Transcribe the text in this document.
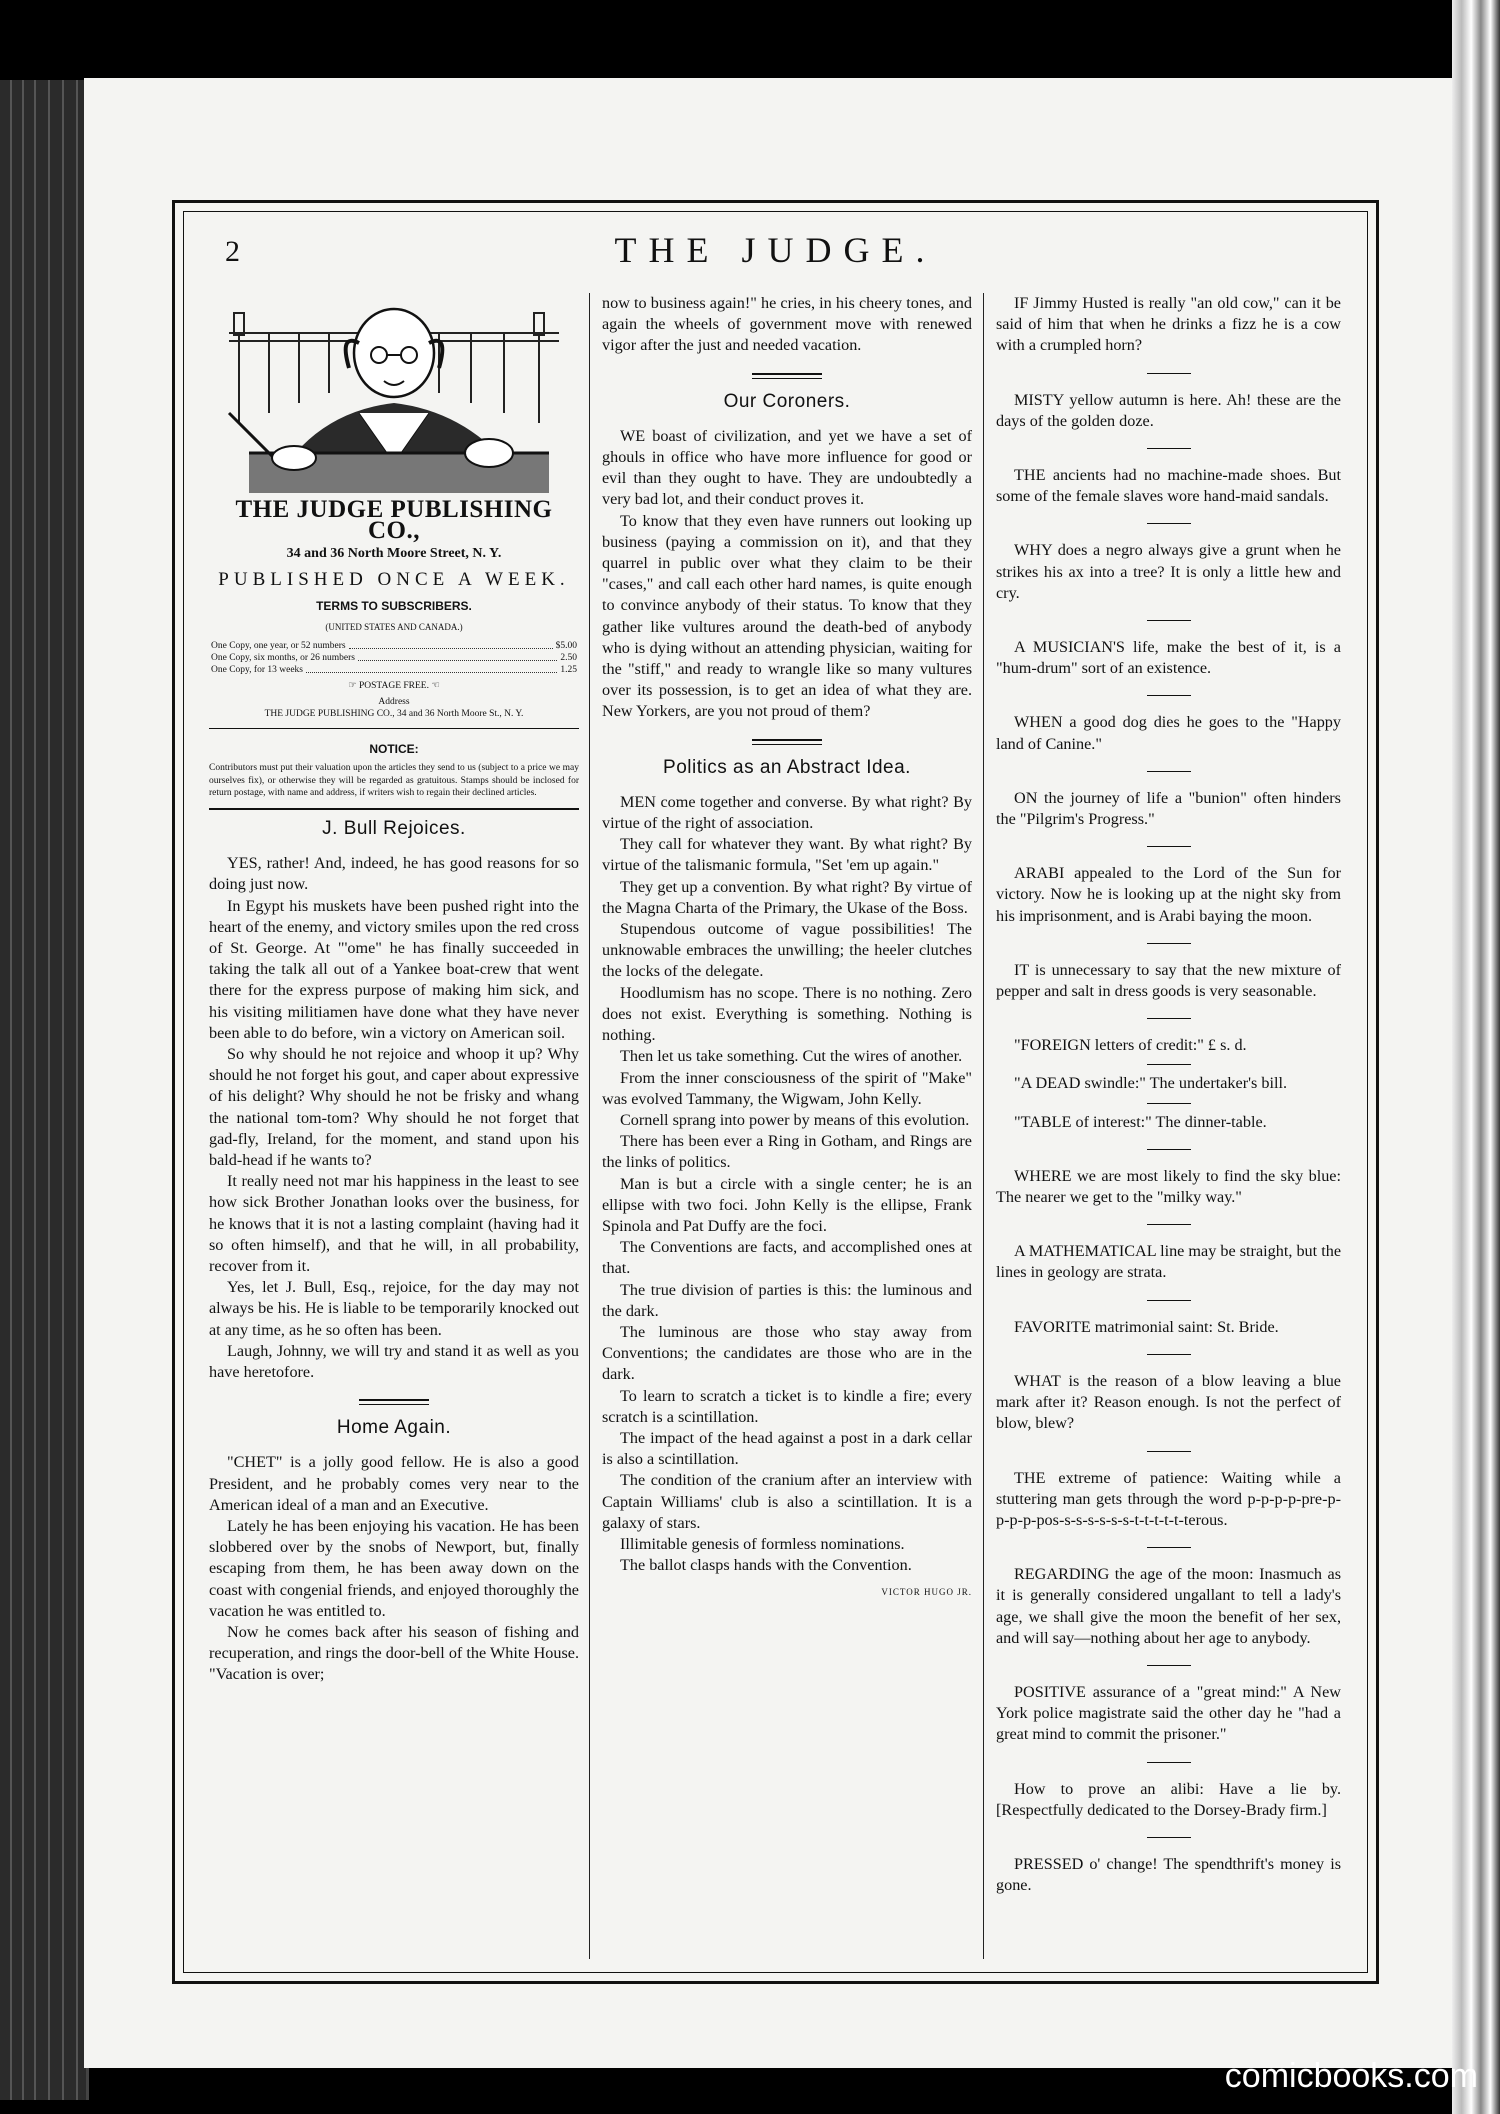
2	THE JUDGE.
THE JUDGE PUBLISHING CO.,
34 and 36 North Moore Street, N. Y.
PUBLISHED ONCE A WEEK.
TERMS TO SUBSCRIBERS.
(UNITED STATES AND CANADA.)
One Copy, one year, or 52 numbers	$5.00
One Copy, six months, or 26 numbers	2.50
One Copy, for 13 weeks	1.25
☞ POSTAGE FREE. ☜
Address
THE JUDGE PUBLISHING CO., 34 and 36 North Moore St., N. Y.
NOTICE:
Contributors must put their valuation upon the articles they send to us (subject to a price we may ourselves fix), or otherwise they will be regarded as gratuitous. Stamps should be inclosed for return postage, with name and address, if writers wish to regain their declined articles.
J. Bull Rejoices.

YES, rather! And, indeed, he has good reasons for so doing just now.

In Egypt his muskets have been pushed right into the heart of the enemy, and victory smiles upon the red cross of St. George. At "'ome" he has finally succeeded in taking the talk all out of a Yankee boat-crew that went there for the express purpose of making him sick, and his visiting militiamen have done what they have never been able to do before, win a victory on American soil.

So why should he not rejoice and whoop it up? Why should he not forget his gout, and caper about expressive of his delight? Why should he not be frisky and whang the national tom-tom? Why should he not forget that gad-fly, Ireland, for the moment, and stand upon his bald-head if he wants to?

It really need not mar his happiness in the least to see how sick Brother Jonathan looks over the business, for he knows that it is not a lasting complaint (having had it so often himself), and that he will, in all probability, recover from it.

Yes, let J. Bull, Esq., rejoice, for the day may not always be his. He is liable to be temporarily knocked out at any time, as he so often has been.

Laugh, Johnny, we will try and stand it as well as you have heretofore.

Home Again.

"CHET" is a jolly good fellow. He is also a good President, and he probably comes very near to the American ideal of a man and an Executive.

Lately he has been enjoying his vacation. He has been slobbered over by the snobs of Newport, but, finally escaping from them, he has been away down on the coast with congenial friends, and enjoyed thoroughly the vacation he was entitled to.

Now he comes back after his season of fishing and recuperation, and rings the door-bell of the White House. "Vacation is over;

now to business again!" he cries, in his cheery tones, and again the wheels of government move with renewed vigor after the just and needed vacation.

Our Coroners.

WE boast of civilization, and yet we have a set of ghouls in office who have more influence for good or evil than they ought to have. They are undoubtedly a very bad lot, and their conduct proves it.

To know that they even have runners out looking up business (paying a commission on it), and that they quarrel in public over what they claim to be their "cases," and call each other hard names, is quite enough to convince anybody of their status. To know that they gather like vultures around the death-bed of anybody who is dying without an attending physician, waiting for the "stiff," and ready to wrangle like so many vultures over its possession, is to get an idea of what they are. New Yorkers, are you not proud of them?

Politics as an Abstract Idea.

MEN come together and converse. By what right? By virtue of the right of association.

They call for whatever they want. By what right? By virtue of the talismanic formula, "Set 'em up again."

They get up a convention. By what right? By virtue of the Magna Charta of the Primary, the Ukase of the Boss.

Stupendous outcome of vague possibilities! The unknowable embraces the unwilling; the heeler clutches the locks of the delegate.

Hoodlumism has no scope. There is no nothing. Zero does not exist. Everything is something. Nothing is nothing.

Then let us take something. Cut the wires of another.

From the inner consciousness of the spirit of "Make" was evolved Tammany, the Wigwam, John Kelly.

Cornell sprang into power by means of this evolution.

There has been ever a Ring in Gotham, and Rings are the links of politics.

Man is but a circle with a single center; he is an ellipse with two foci. John Kelly is the ellipse, Frank Spinola and Pat Duffy are the foci.

The Conventions are facts, and accomplished ones at that.

The true division of parties is this: the luminous and the dark.

The luminous are those who stay away from Conventions; the candidates are those who are in the dark.

To learn to scratch a ticket is to kindle a fire; every scratch is a scintillation.

The impact of the head against a post in a dark cellar is also a scintillation.

The condition of the cranium after an interview with Captain Williams' club is also a scintillation. It is a galaxy of stars.

Illimitable genesis of formless nominations.

The ballot clasps hands with the Convention.

VICTOR HUGO JR.

IF Jimmy Husted is really "an old cow," can it be said of him that when he drinks a fizz he is a cow with a crumpled horn?

MISTY yellow autumn is here. Ah! these are the days of the golden doze.

THE ancients had no machine-made shoes. But some of the female slaves wore hand-maid sandals.

WHY does a negro always give a grunt when he strikes his ax into a tree? It is only a little hew and cry.

A MUSICIAN'S life, make the best of it, is a "hum-drum" sort of an existence.

WHEN a good dog dies he goes to the "Happy land of Canine."

ON the journey of life a "bunion" often hinders the "Pilgrim's Progress."

ARABI appealed to the Lord of the Sun for victory. Now he is looking up at the night sky from his imprisonment, and is Arabi baying the moon.

IT is unnecessary to say that the new mixture of pepper and salt in dress goods is very seasonable.

"FOREIGN letters of credit:" £ s. d.

"A DEAD swindle:" The undertaker's bill.

"TABLE of interest:" The dinner-table.

WHERE we are most likely to find the sky blue: The nearer we get to the "milky way."

A MATHEMATICAL line may be straight, but the lines in geology are strata.

FAVORITE matrimonial saint: St. Bride.

WHAT is the reason of a blow leaving a blue mark after it? Reason enough. Is not the perfect of blow, blew?

THE extreme of patience: Waiting while a stuttering man gets through the word p-p-p-p-pre-p-p-p-p-pos-s-s-s-s-s-s-t-t-t-t-t-terous.

REGARDING the age of the moon: Inasmuch as it is generally considered ungallant to tell a lady's age, we shall give the moon the benefit of her sex, and will say—nothing about her age to anybody.

POSITIVE assurance of a "great mind:" A New York police magistrate said the other day he "had a great mind to commit the prisoner."

How to prove an alibi: Have a lie by. [Respectfully dedicated to the Dorsey-Brady firm.]

PRESSED o' change! The spendthrift's money is gone.

comicbooks.com
